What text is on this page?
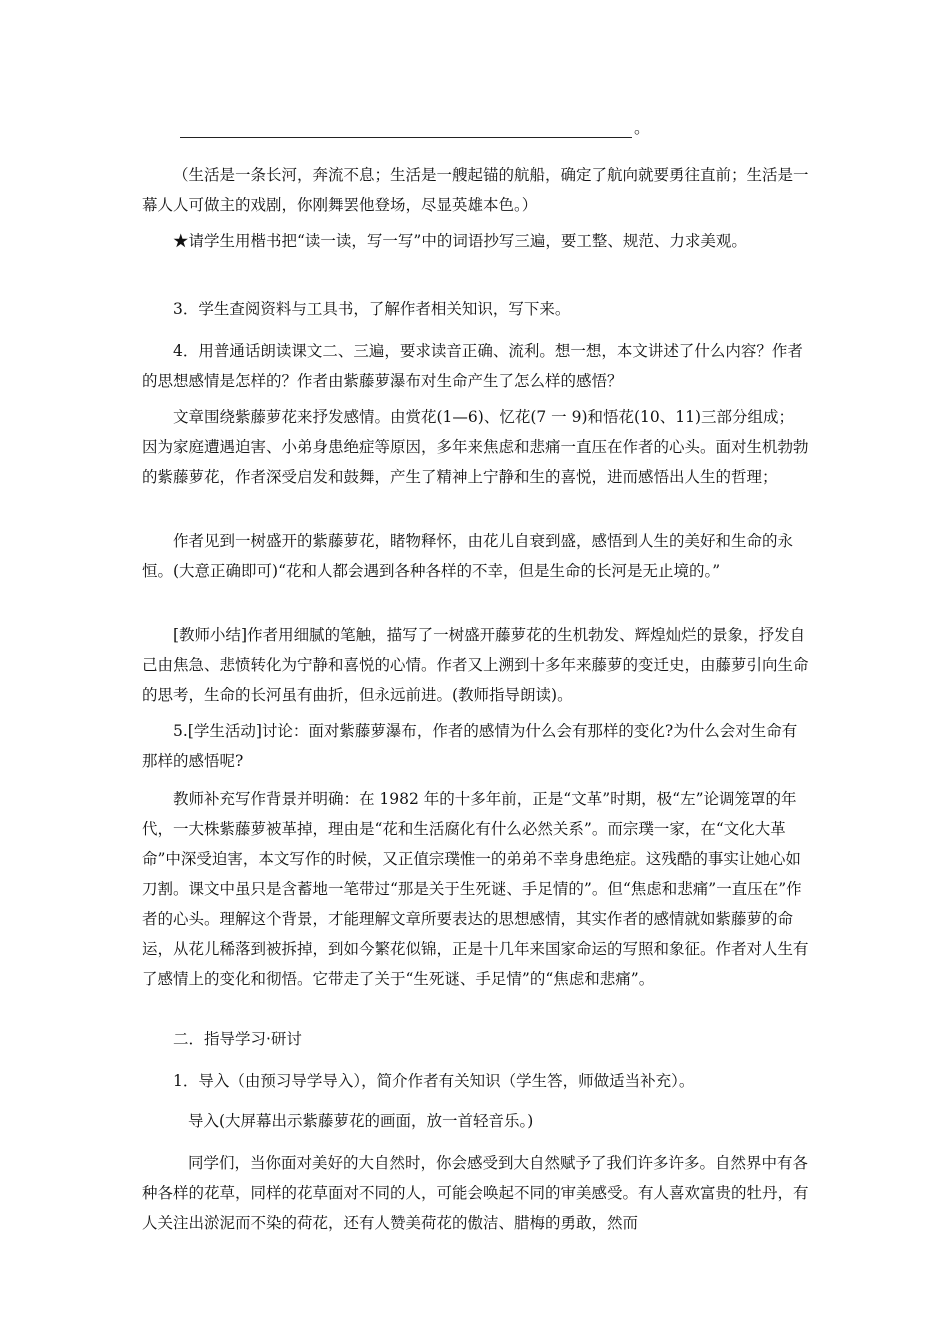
。
（生活是一条长河，奔流不息；生活是一艘起锚的航船，确定了航向就要勇往直前；生活是一幕人人可做主的戏剧，你刚舞罢他登场，尽显英雄本色。）
★请学生用楷书把“读一读，写一写”中的词语抄写三遍，要工整、规范、力求美观。
3．学生查阅资料与工具书，了解作者相关知识，写下来。
4．用普通话朗读课文二、三遍，要求读音正确、流利。想一想，本文讲述了什么内容？作者的思想感情是怎样的？作者由紫藤萝瀑布对生命产生了怎么样的感悟？
文章围绕紫藤萝花来抒发感情。由赏花(1—6)、忆花(7 一 9)和悟花(10、11)三部分组成；　　因为家庭遭遇迫害、小弟身患绝症等原因，多年来焦虑和悲痛一直压在作者的心头。面对生机勃勃的紫藤萝花，作者深受启发和鼓舞，产生了精神上宁静和生的喜悦，进而感悟出人生的哲理；
作者见到一树盛开的紫藤萝花，睹物释怀，由花儿自衰到盛，感悟到人生的美好和生命的永恒。(大意正确即可)“花和人都会遇到各种各样的不幸，但是生命的长河是无止境的。”
[教师小结]作者用细腻的笔触，描写了一树盛开藤萝花的生机勃发、辉煌灿烂的景象，抒发自己由焦急、悲愤转化为宁静和喜悦的心情。作者又上溯到十多年来藤萝的变迁史，由藤萝引向生命的思考，生命的长河虽有曲折，但永远前进。(教师指导朗读)。
5.[学生活动]讨论：面对紫藤萝瀑布，作者的感情为什么会有那样的变化?为什么会对生命有那样的感悟呢?
教师补充写作背景并明确：在 1982 年的十多年前，正是“文革”时期，极“左”论调笼罩的年代，一大株紫藤萝被革掉，理由是“花和生活腐化有什么必然关系”。而宗璞一家，在“文化大革命”中深受迫害，本文写作的时候，又正值宗璞惟一的弟弟不幸身患绝症。这残酷的事实让她心如刀割。课文中虽只是含蓄地一笔带过“那是关于生死谜、手足情的”。但“焦虑和悲痛”一直压在”作者的心头。理解这个背景，才能理解文章所要表达的思想感情，其实作者的感情就如紫藤萝的命运，从花儿稀落到被拆掉，到如今繁花似锦，正是十几年来国家命运的写照和象征。作者对人生有了感情上的变化和彻悟。它带走了关于“生死谜、手足情”的“焦虑和悲痛”。
二．指导学习·研讨
1．导入（由预习导学导入），简介作者有关知识（学生答，师做适当补充）。
导入(大屏幕出示紫藤萝花的画面，放一首轻音乐。)
同学们，当你面对美好的大自然时，你会感受到大自然赋予了我们许多许多。自然界中有各种各样的花草，同样的花草面对不同的人，可能会唤起不同的审美感受。有人喜欢富贵的牡丹，有人关注出淤泥而不染的荷花，还有人赞美荷花的傲洁、腊梅的勇敢，然而
